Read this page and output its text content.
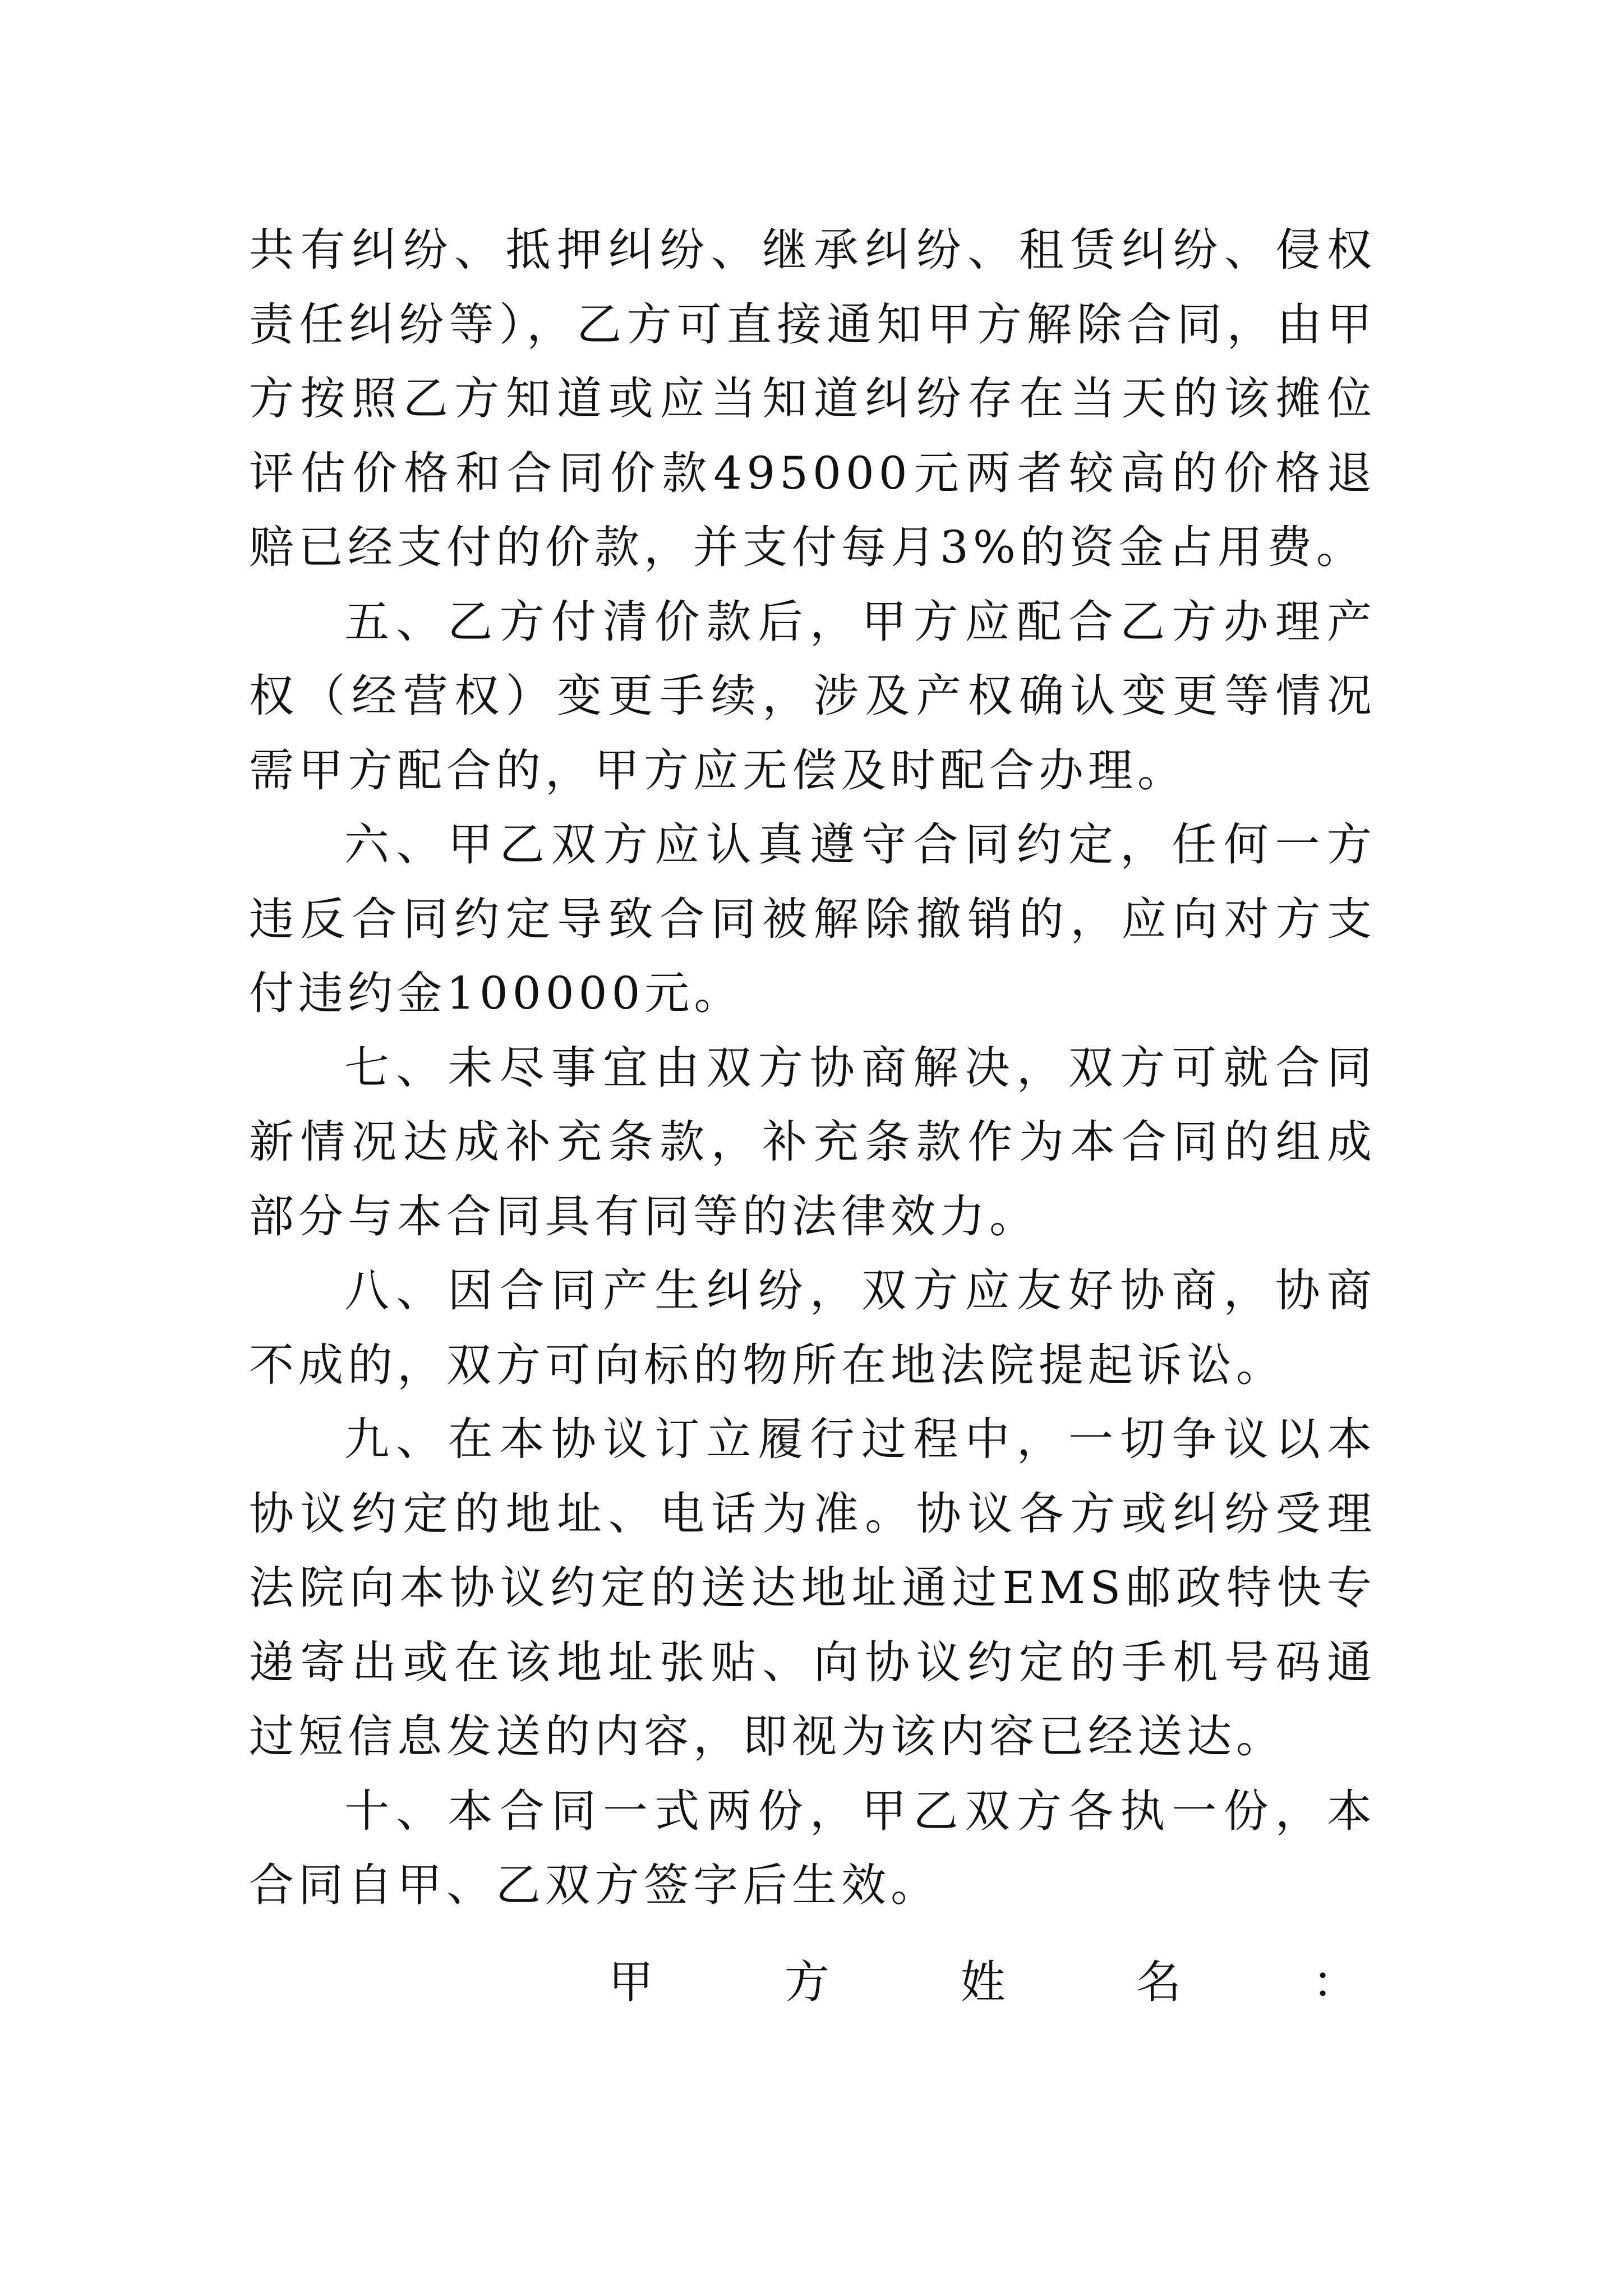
共有纠纷、抵押纠纷、继承纠纷、租赁纠纷、侵权责任纠纷等），乙方可直接通知甲方解除合同，由甲方按照乙方知道或应当知道纠纷存在当天的该摊位评估价格和合同价款495000元两者较高的价格退赔已经支付的价款，并支付每月3%的资金占用费。

五、乙方付清价款后，甲方应配合乙方办理产权（经营权）变更手续，涉及产权确认变更等情况需甲方配合的，甲方应无偿及时配合办理。

六、甲乙双方应认真遵守合同约定，任何一方违反合同约定导致合同被解除撤销的，应向对方支付违约金100000元。

七、未尽事宜由双方协商解决，双方可就合同新情况达成补充条款，补充条款作为本合同的组成部分与本合同具有同等的法律效力。

八、因合同产生纠纷，双方应友好协商，协商不成的，双方可向标的物所在地法院提起诉讼。

九、在本协议订立履行过程中，一切争议以本协议约定的地址、电话为准。协议各方或纠纷受理法院向本协议约定的送达地址通过EMS邮政特快专递寄出或在该地址张贴、向协议约定的手机号码通过短信息发送的内容，即视为该内容已经送达。

十、本合同一式两份，甲乙双方各执一份，本合同自甲、乙双方签字后生效。

甲	方	姓	名	：
